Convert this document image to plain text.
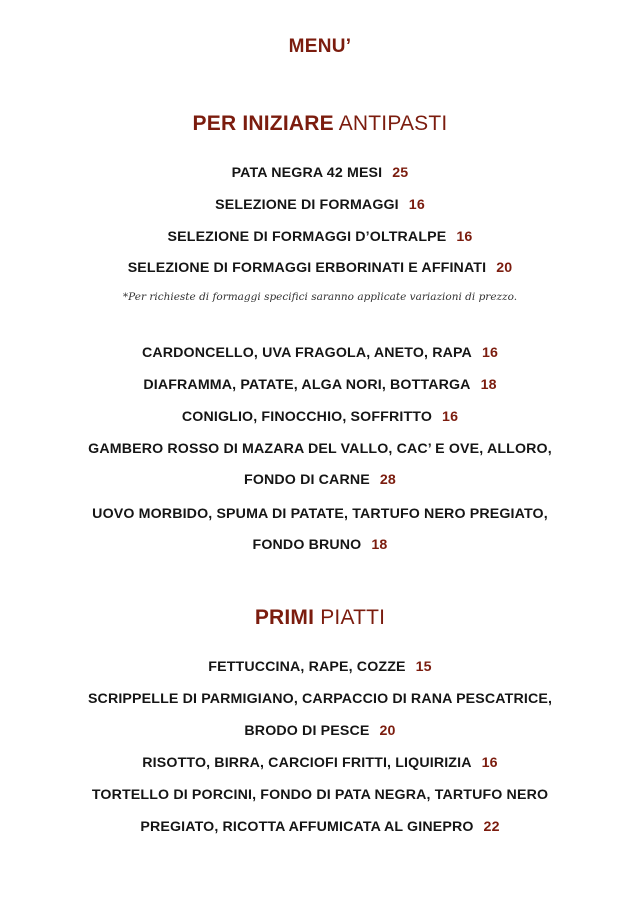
MENU’
PER INIZIARE ANTIPASTI
PATA NEGRA 42 MESI 25
SELEZIONE DI FORMAGGI 16
SELEZIONE DI FORMAGGI D’OLTRALPE 16
SELEZIONE DI FORMAGGI ERBORINATI E AFFINATI 20
*Per richieste di formaggi specifici saranno applicate variazioni di prezzo.
CARDONCELLO, UVA FRAGOLA, ANETO, RAPA 16
DIAFRAMMA, PATATE, ALGA NORI, BOTTARGA 18
CONIGLIO, FINOCCHIO, SOFFRITTO 16
GAMBERO ROSSO DI MAZARA DEL VALLO, CAC’ E OVE, ALLORO,
FONDO DI CARNE 28
UOVO MORBIDO, SPUMA DI PATATE, TARTUFO NERO PREGIATO,
FONDO BRUNO 18
PRIMI PIATTI
FETTUCCINA, RAPE, COZZE 15
SCRIPPELLE DI PARMIGIANO, CARPACCIO DI RANA PESCATRICE,
BRODO DI PESCE 20
RISOTTO, BIRRA, CARCIOFI FRITTI, LIQUIRIZIA 16
TORTELLO DI PORCINI, FONDO DI PATA NEGRA, TARTUFO NERO
PREGIATO, RICOTTA AFFUMICATA AL GINEPRO 22
